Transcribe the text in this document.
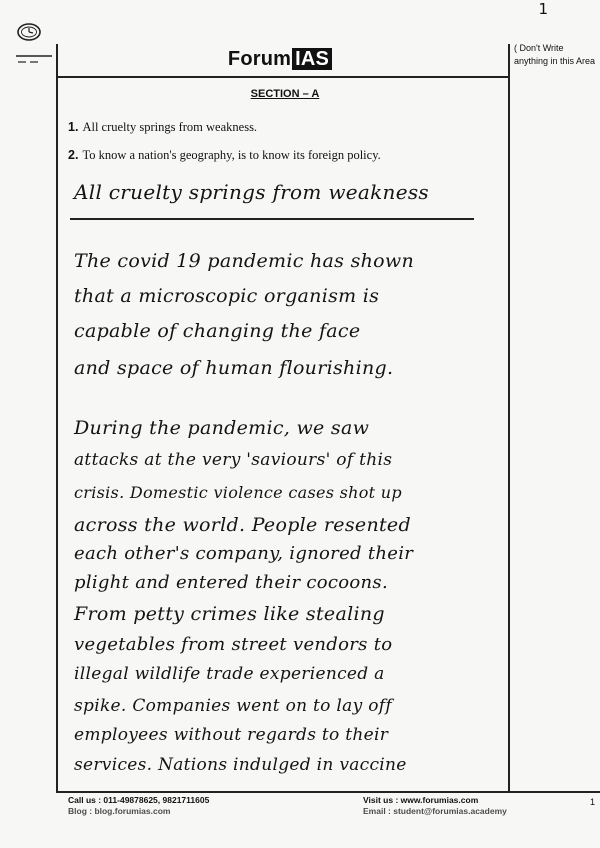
1
Forum IAS	( Don't Write
anything in this Area
SECTION – A
1. All cruelty springs from weakness.
2. To know a nation's geography, is to know its foreign policy.
All cruelty springs from weakness
The covid 19 pandemic has shown
that a microscopic organism is
capable of changing the face
and space of human flourishing.
During the pandemic, we saw
attacks at the very 'saviours' of this
crisis. Domestic violence cases shot up
across the world. People resented
each other's company, ignored their
plight and entered their cocoons.
From petty crimes like stealing
vegetables from street vendors to
illegal wildlife trade experienced a
spike. Companies went on to lay off
employees without regards to their
services. Nations indulged in vaccine
Call us : 011-49878625, 9821711605
Blog : blog.forumias.com
Visit us : www.forumias.com
Email : student@forumias.academy
1
